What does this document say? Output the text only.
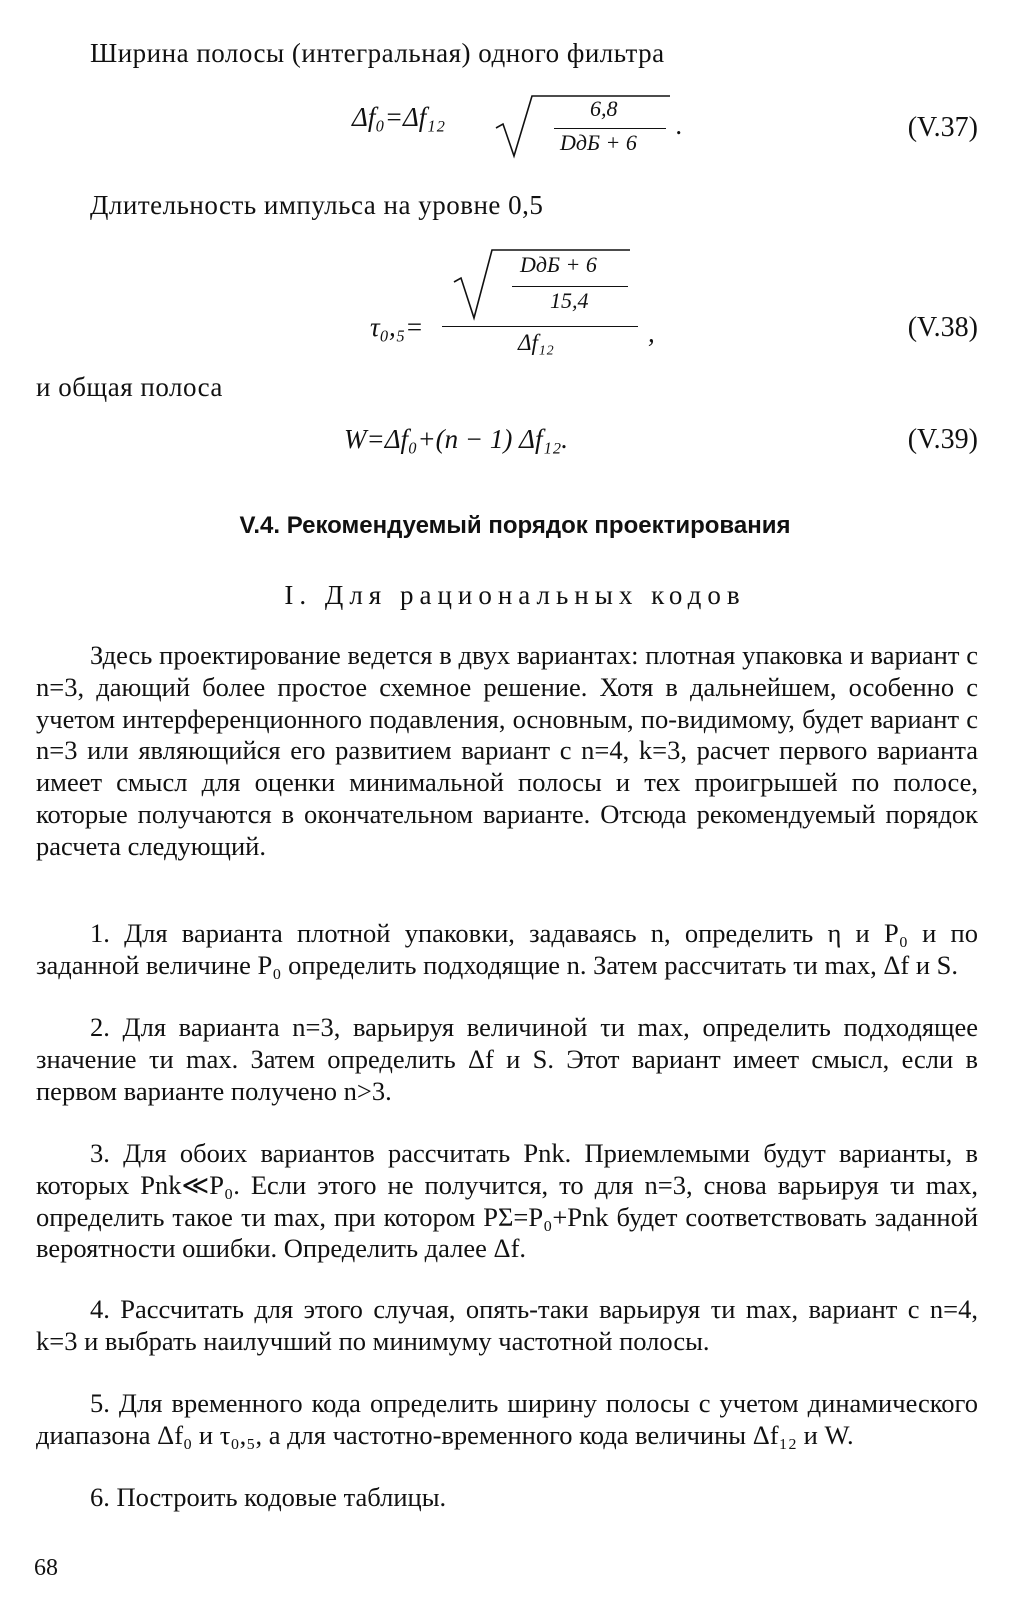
Ширина полосы (интегральная) одного фильтра
Δf₀=Δf₁₂	6,8
DдБ + 6
.	(V.37)
Длительность импульса на уровне 0,5
τ₀,₅=
DдБ + 6
15,4
Δf₁₂	,	(V.38)
и общая полоса
W=Δf₀+(n − 1) Δf₁₂.	(V.39)
V.4. Рекомендуемый порядок проектирования
I. Для рациональных кодов
Здесь проектирование ведется в двух вариантах: плотная упаковка и вариант с n=3, дающий более простое схемное решение. Хотя в дальнейшем, особенно с учетом интерференционного подавления, основным, по-видимому, будет вариант с n=3 или являющийся его развитием вариант с n=4, k=3, расчет первого варианта имеет смысл для оценки минимальной полосы и тех проигрышей по полосе, которые получаются в окончательном варианте. Отсюда рекомендуемый порядок расчета следующий.
1. Для варианта плотной упаковки, задаваясь n, определить η и P₀ и по заданной величине P₀ определить подходящие n. Затем рассчитать τи max, Δf и S.
2. Для варианта n=3, варьируя величиной τи max, определить подходящее значение τи max. Затем определить Δf и S. Этот вариант имеет смысл, если в первом варианте получено n>3.
3. Для обоих вариантов рассчитать Pnk. Приемлемыми будут варианты, в которых Pnk≪P₀. Если этого не получится, то для n=3, снова варьируя τи max, определить такое τи max, при котором PΣ=P₀+Pnk будет соответствовать заданной вероятности ошибки. Определить далее Δf.
4. Рассчитать для этого случая, опять-таки варьируя τи max, вариант с n=4, k=3 и выбрать наилучший по минимуму частотной полосы.
5. Для временного кода определить ширину полосы с учетом динамического диапазона Δf₀ и τ₀,₅, а для частотно-временного кода величины Δf₁₂ и W.
6. Построить кодовые таблицы.
68
